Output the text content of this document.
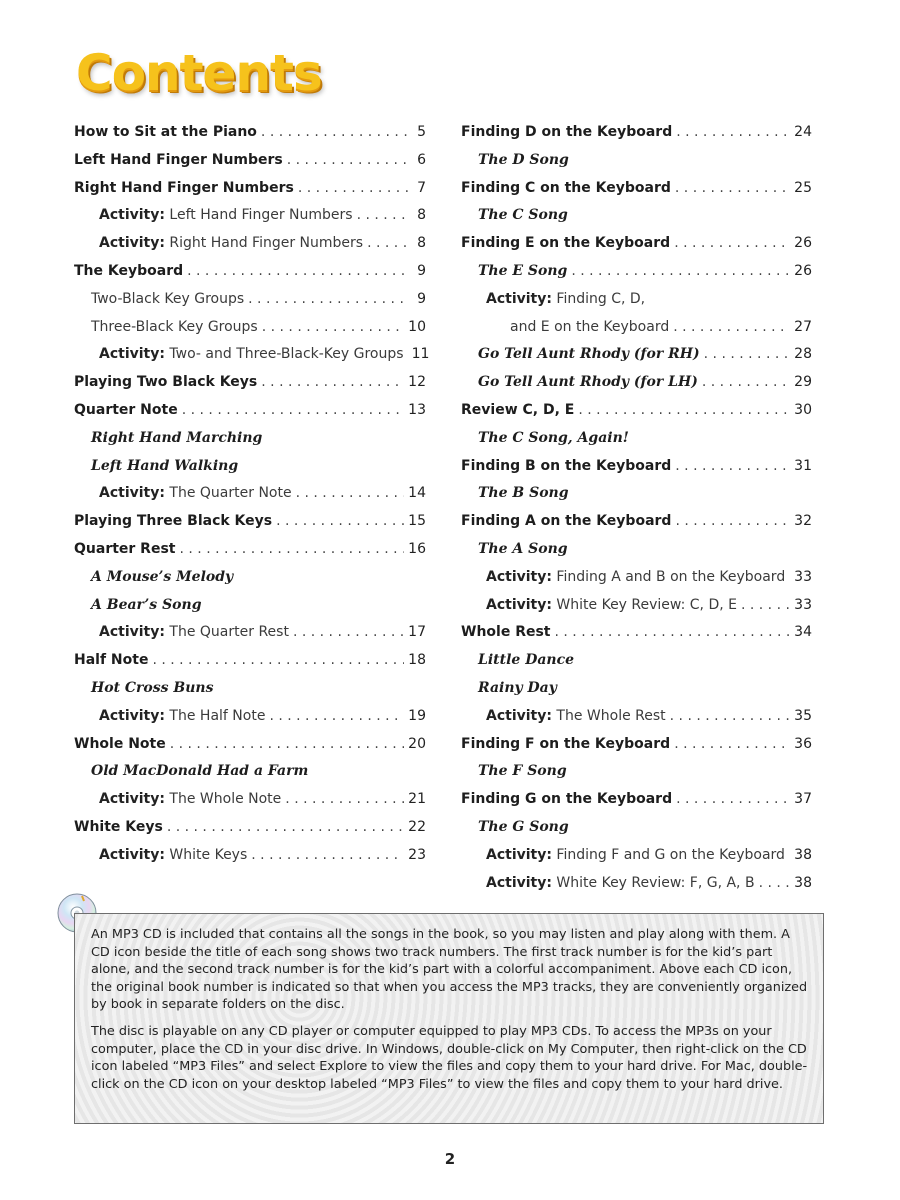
Contents
How to Sit at the Piano . . .	5
Left Hand Finger Numbers . . .	6
Right Hand Finger Numbers . . .	7
Activity: Left Hand Finger Numbers . . .	8
Activity: Right Hand Finger Numbers . . .	8
The Keyboard . . .	9
Two-Black Key Groups . . .	9
Three-Black Key Groups . . .	10
Activity: Two- and Three-Black-Key Groups 11
Playing Two Black Keys . . .	12
Quarter Note . . .	13
Right Hand Marching
Left Hand Walking
Activity: The Quarter Note . . .	14
Playing Three Black Keys . . .	15
Quarter Rest . . .	16
A Mouse’s Melody
A Bear’s Song
Activity: The Quarter Rest . . .	17
Half Note . . .	18
Hot Cross Buns
Activity: The Half Note . . .	19
Whole Note . . .	20
Old MacDonald Had a Farm
Activity: The Whole Note . . .	21
White Keys . . .	22
Activity: White Keys . . .	23
Finding D on the Keyboard . . .	24
The D Song
Finding C on the Keyboard . . .	25
The C Song
Finding E on the Keyboard . . .	26
The E Song . . .	26
Activity: Finding C, D,
and E on the Keyboard . . .	27
Go Tell Aunt Rhody (for RH) . . .	28
Go Tell Aunt Rhody (for LH) . . .	29
Review C, D, E . . .	30
The C Song, Again!
Finding B on the Keyboard . . .	31
The B Song
Finding A on the Keyboard . . .	32
The A Song
Activity: Finding A and B on the Keyboard . . . 33
Activity: White Key Review: C, D, E . . .	33
Whole Rest . . .	34
Little Dance
Rainy Day
Activity: The Whole Rest . . .	35
Finding F on the Keyboard . . .	36
The F Song
Finding G on the Keyboard . . .	37
The G Song
Activity: Finding F and G on the Keyboard . . . 38
Activity: White Key Review: F, G, A, B . . .	38

An MP3 CD is included that contains all the songs in the book, so you may listen and play along with them. A CD icon beside the title of each song shows two track numbers. The first track number is for the kid’s part alone, and the second track number is for the kid’s part with a colorful accompaniment. Above each CD icon, the original book number is indicated so that when you access the MP3 tracks, they are conveniently organized by book in separate folders on the disc.

The disc is playable on any CD player or computer equipped to play MP3 CDs. To access the MP3s on your computer, place the CD in your disc drive. In Windows, double-click on My Computer, then right-click on the CD icon labeled “MP3 Files” and select Explore to view the files and copy them to your hard drive. For Mac, double-click on the CD icon on your desktop labeled “MP3 Files” to view the files and copy them to your hard drive.

2
